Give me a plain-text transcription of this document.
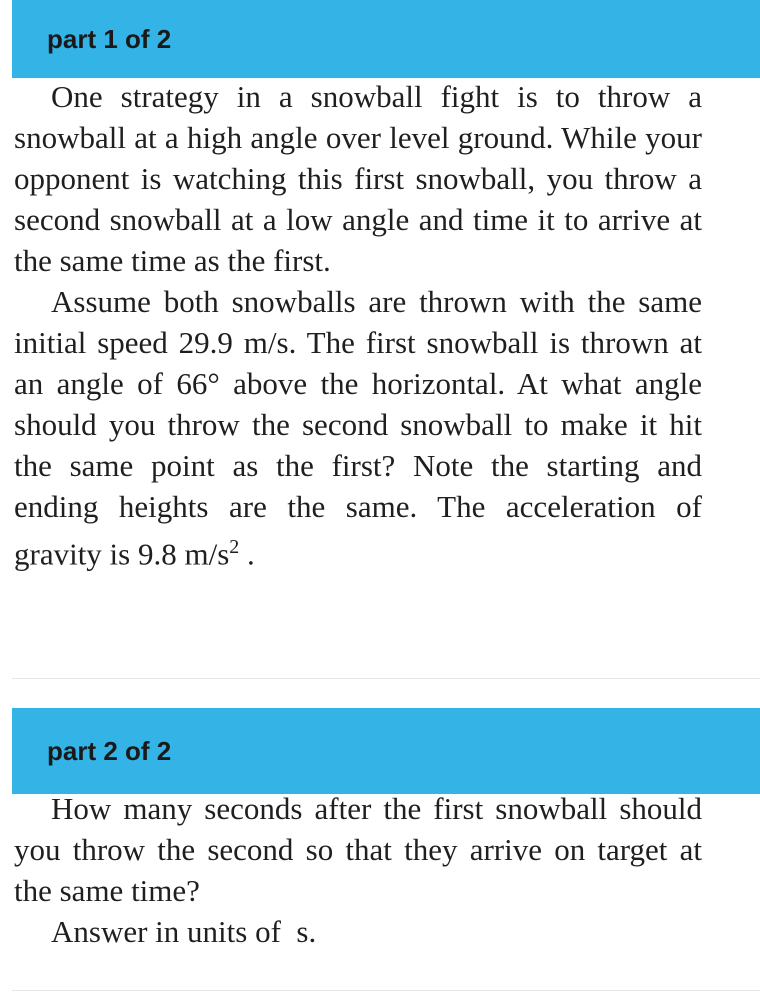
part 1 of 2

One strategy in a snowball fight is to throw a snowball at a high angle over level ground. While your opponent is watching this first snowball, you throw a second snowball at a low angle and time it to arrive at the same time as the first.

Assume both snowballs are thrown with the same initial speed 29.9 m/s. The first snowball is thrown at an angle of 66° above the horizontal. At what angle should you throw the second snowball to make it hit the same point as the first? Note the starting and ending heights are the same. The acceleration of gravity is 9.8 $m/s^2$ .

part 2 of 2

How many seconds after the first snowball should you throw the second so that they arrive on target at the same time?

Answer in units of  s.
